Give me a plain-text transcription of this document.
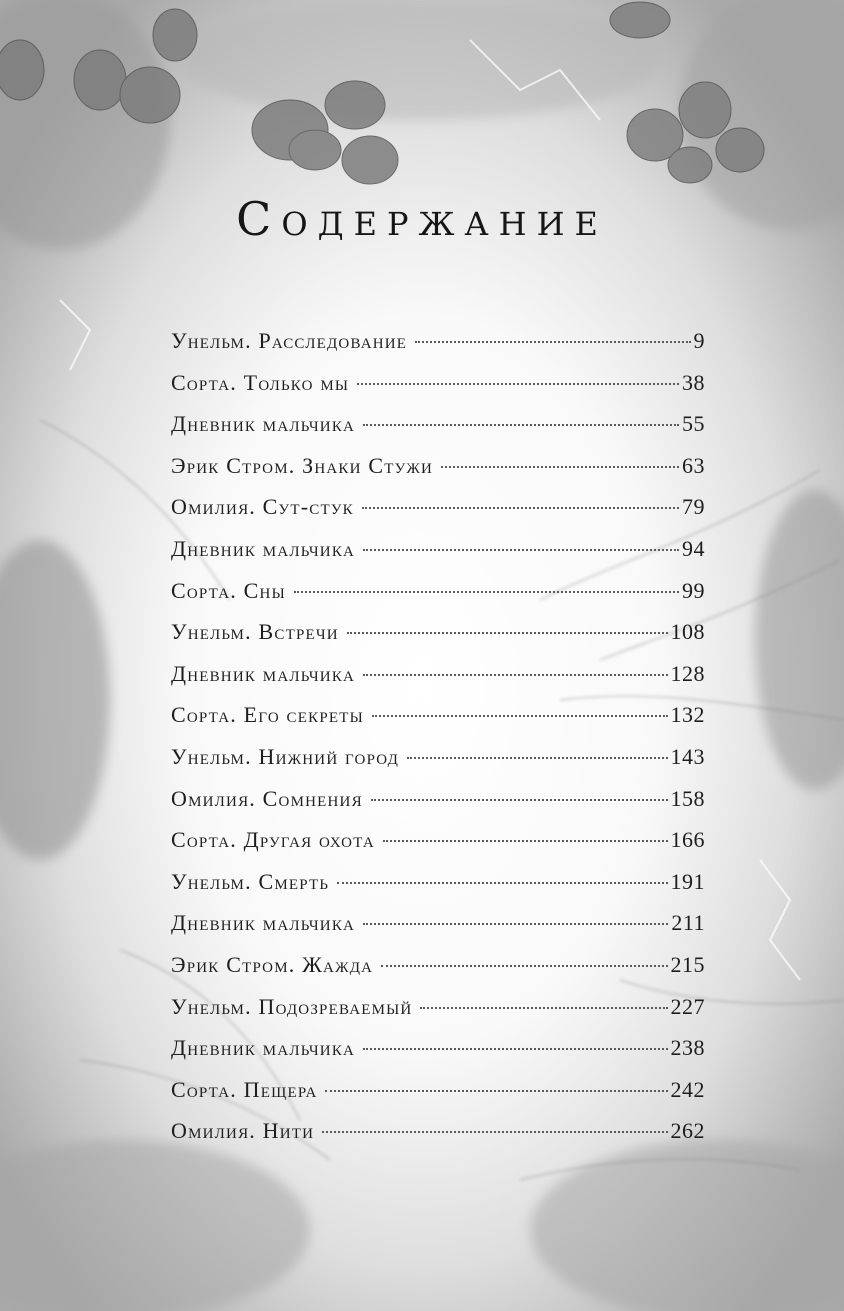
Содержание
Унельм. Расследование	9
Сорта. Только мы	38
Дневник мальчика	55
Эрик Стром. Знаки Стужи	63
Омилия. Сут-стук	79
Дневник мальчика	94
Сорта. Сны	99
Унельм. Встречи	108
Дневник мальчика	128
Сорта. Его секреты	132
Унельм. Нижний город	143
Омилия. Сомнения	158
Сорта. Другая охота	166
Унельм. Смерть	191
Дневник мальчика	211
Эрик Стром. Жажда	215
Унельм. Подозреваемый	227
Дневник мальчика	238
Сорта. Пещера	242
Омилия. Нити	262
